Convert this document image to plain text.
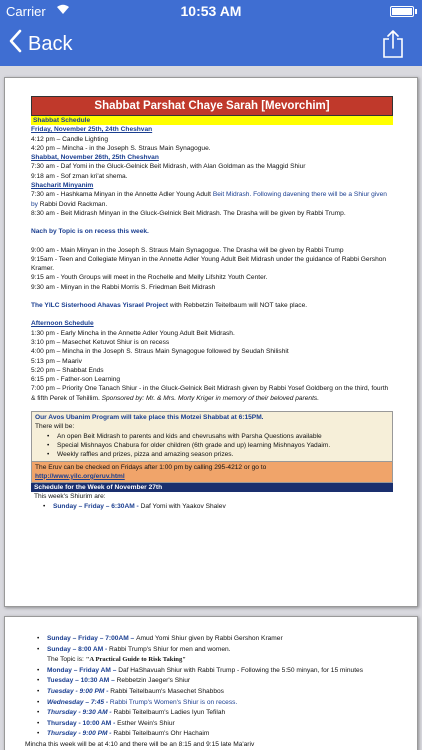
Carrier	10:53 AM
Back
Shabbat Parshat Chaye Sarah [Mevorchim]
Shabbat Schedule
Friday, November 25th, 24th Cheshvan
4:12 pm – Candle Lighting
4:20 pm – Mincha - in the Joseph S. Straus Main Synagogue.
Shabbat, November 26th, 25th Cheshvan
7:30 am - Daf Yomi in the Gluck-Gelnick Beit Midrash, with Alan Goldman as the Maggid Shiur
9:18 am - Sof zman kri'at shema.
Shacharit Minyanim
7:30 am - Hashkama Minyan in the Annette Adler Young Adult Beit Midrash. Following davening there will be a Shiur given by Rabbi Dovid Rackman.
8:30 am - Beit Midrash Minyan in the Gluck-Gelnick Beit Midrash. The Drasha will be given by Rabbi Trump.
Nach by Topic is on recess this week.
9:00 am - Main Minyan in the Joseph S. Straus Main Synagogue. The Drasha will be given by Rabbi Trump
9:15am - Teen and Collegiate Minyan in the Annette Adler Young Adult Beit Midrash under the guidance of Rabbi Gershon Kramer.
9:15 am - Youth Groups will meet in the Rochelle and Melly Lifshitz Youth Center.
9:30 am - Minyan in the Rabbi Morris S. Friedman Beit Midrash
The YILC Sisterhood Ahavas Yisrael Project with Rebbetzin Teitelbaum will NOT take place.
Afternoon Schedule
1:30 pm - Early Mincha in the Annette Adler Young Adult Beit Midrash.
3:10 pm – Masechet Ketuvot Shiur is on recess
4:00 pm – Mincha in the Joseph S. Straus Main Synagogue followed by Seudah Shilishit
5:13 pm – Maariv
5:20 pm – Shabbat Ends
6:15 pm - Father-son Learning
7:00 pm – Priority One Tanach Shiur - in the Gluck-Gelnick Beit Midrash given by Rabbi Yosef Goldberg on the third, fourth & fifth Perek of Tehillim. Sponsored by: Mr. & Mrs. Morty Kriger in memory of their beloved parents.
Our Avos Ubanim Program will take place this Motzei Shabbat at 6:15PM.
There will be:
• An open Beit Midrash to parents and kids and chevrusahs with Parsha Questions available
• Special Mishnayos Chabura for older children (6th grade and up) learning Mishnayos Yadaim.
• Weekly raffles and prizes, pizza and amazing season prizes.
The Eruv can be checked on Fridays after 1:00 pm by calling 295-4212 or go to
http://www.yilc.org/eruv.html
Schedule for the Week of November 27th
This week's Shiurim are:
• Sunday – Friday – 6:30AM - Daf Yomi with Yaakov Shalev
• Sunday – Friday – 7:00AM – Amud Yomi Shiur given by Rabbi Gershon Kramer
• Sunday – 8:00 AM - Rabbi Trump's Shiur for men and women.
The Topic is: "A Practical Guide to Risk Taking"
• Monday – Friday AM – Daf HaShavuah Shiur with Rabbi Trump - Following the 5:50 minyan, for 15 minutes
• Tuesday – 10:30 AM – Rebbetzin Jaeger's Shiur
• Tuesday - 9:00 PM - Rabbi Teitelbaum's Masechet Shabbos
• Wednesday – 7:45 - Rabbi Trump's Women's Shiur is on recess.
• Thursday - 9:30 AM - Rabbi Teitelbaum's Ladies Iyun Tefilah
• Thursday - 10:00 AM - Esther Wein's Shiur
• Thursday - 9:00 PM - Rabbi Teitelbaum's Ohr Hachaim
Mincha this week will be at 4:10 and there will be an 8:15 and 9:15 late Ma'ariv
